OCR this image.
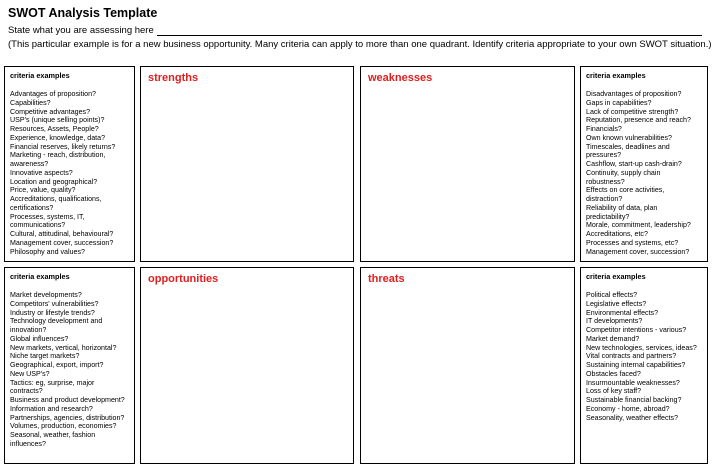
SWOT Analysis Template
State what you are assessing here
(This particular example is for a new business opportunity. Many criteria can apply to more than one quadrant. Identify criteria appropriate to your own SWOT situation.)
criteria examples
Advantages of proposition?
Capabilities?
Competitive advantages?
USP's (unique selling points)?
Resources, Assets, People?
Experience, knowledge, data?
Financial reserves, likely returns?
Marketing - reach, distribution,
awareness?
Innovative aspects?
Location and geographical?
Price, value, quality?
Accreditations, qualifications,
certifications?
Processes, systems, IT,
communications?
Cultural, attitudinal, behavioural?
Management cover, succession?
Philosophy and values?
strengths	weaknesses	criteria examples
Disadvantages of proposition?
Gaps in capabilities?
Lack of competitive strength?
Reputation, presence and reach?
Financials?
Own known vulnerabilities?
Timescales, deadlines and
pressures?
Cashflow, start-up cash-drain?
Continuity, supply chain
robustness?
Effects on core activities,
distraction?
Reliability of data, plan
predictability?
Morale, commitment, leadership?
Accreditations, etc?
Processes and systems, etc?
Management cover, succession?
criteria examples
Market developments?
Competitors' vulnerabilities?
Industry or lifestyle trends?
Technology development and
innovation?
Global influences?
New markets, vertical, horizontal?
Niche target markets?
Geographical, export, import?
New USP's?
Tactics: eg, surprise, major
contracts?
Business and product development?
Information and research?
Partnerships, agencies, distribution?
Volumes, production, economies?
Seasonal, weather, fashion
influences?
opportunities	threats	criteria examples
Political effects?
Legislative effects?
Environmental effects?
IT developments?
Competitor intentions - various?
Market demand?
New technologies, services, ideas?
Vital contracts and partners?
Sustaining internal capabilities?
Obstacles faced?
Insurmountable weaknesses?
Loss of key staff?
Sustainable financial backing?
Economy - home, abroad?
Seasonality, weather effects?
